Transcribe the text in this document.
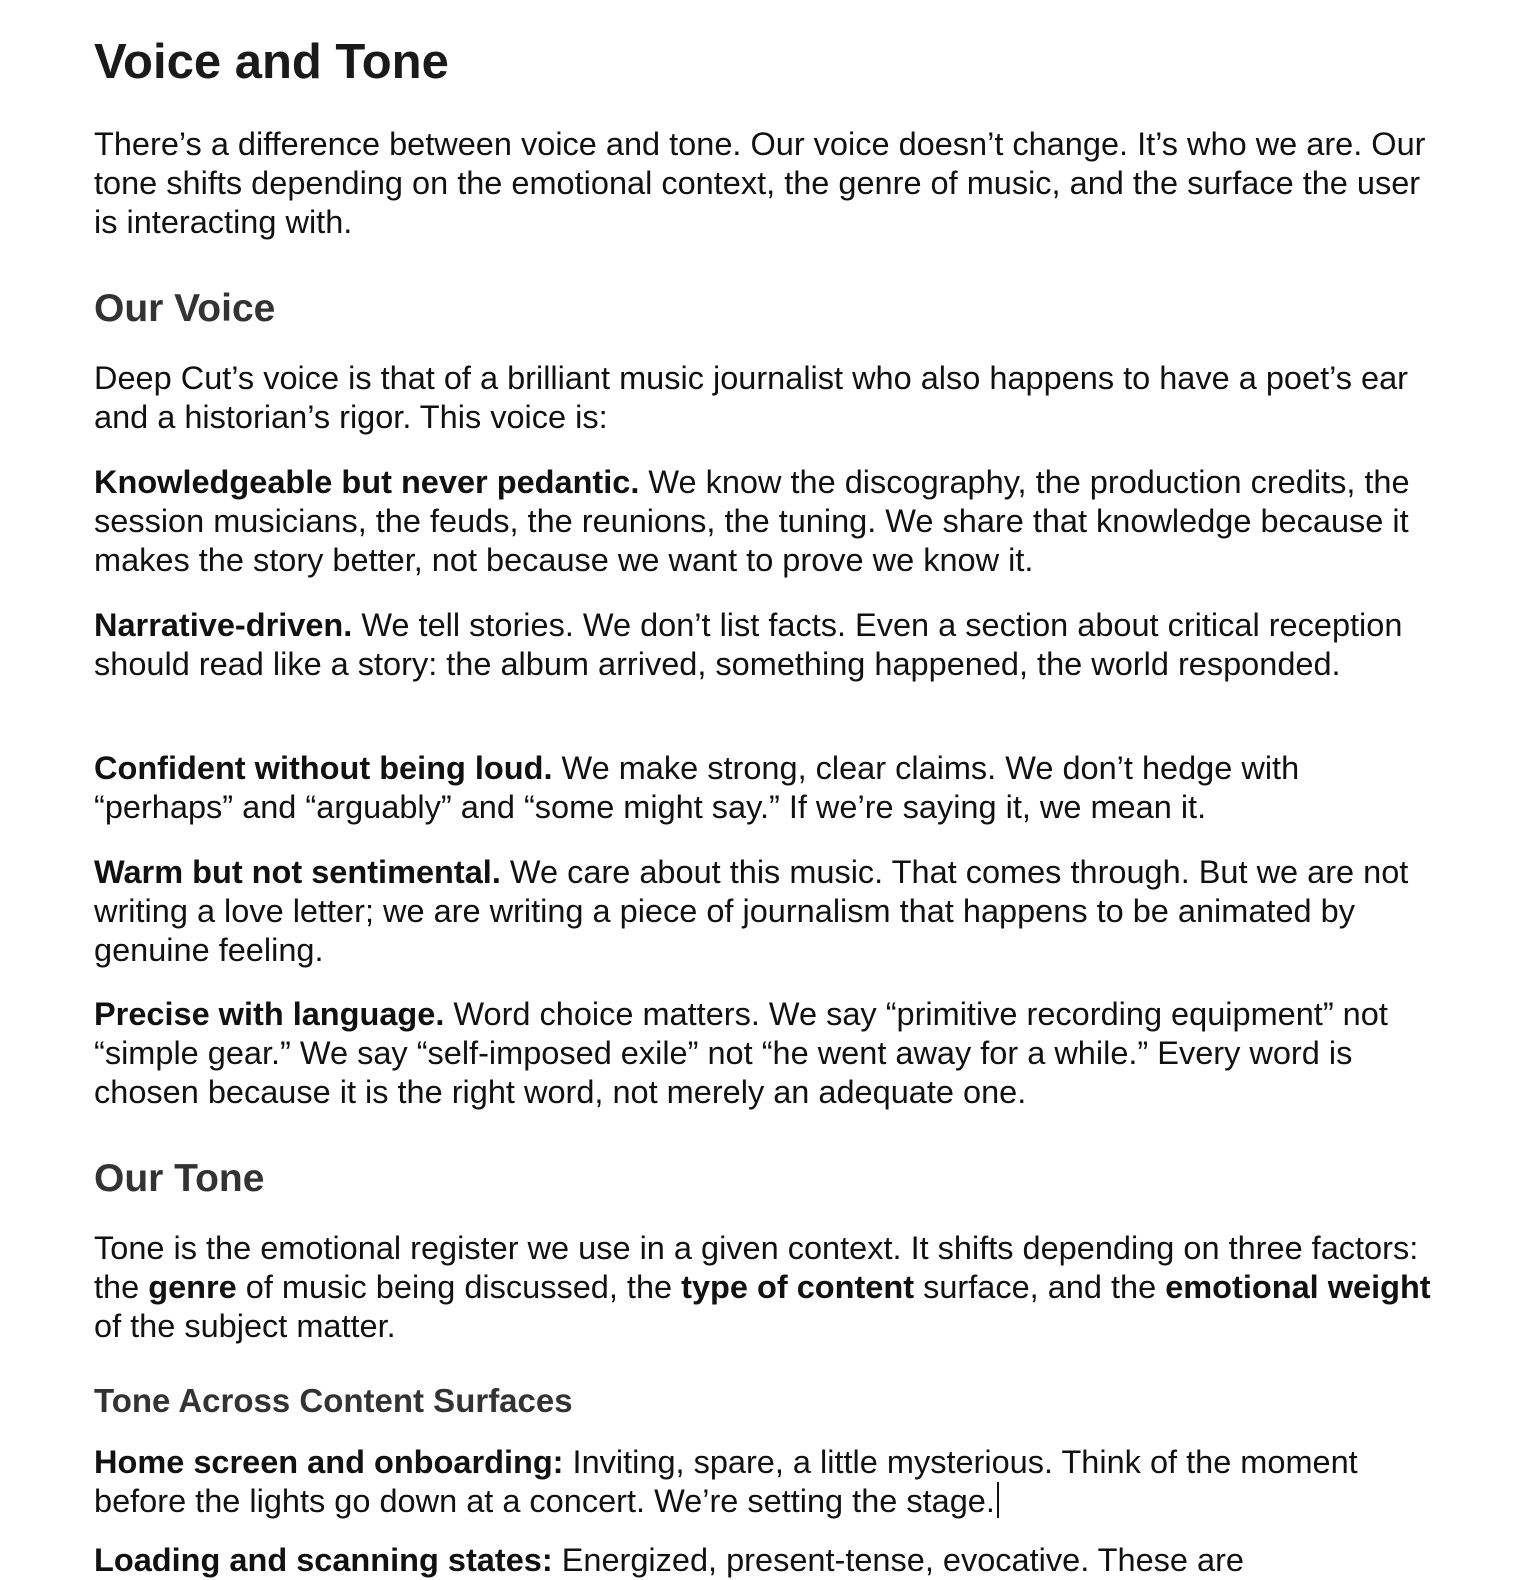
Voice and Tone

There’s a difference between voice and tone. Our voice doesn’t change. It’s who we are. Our tone shifts depending on the emotional context, the genre of music, and the surface the user is interacting with.

Our Voice

Deep Cut’s voice is that of a brilliant music journalist who also happens to have a poet’s ear and a historian’s rigor. This voice is:

Knowledgeable but never pedantic. We know the discography, the production credits, the session musicians, the feuds, the reunions, the tuning. We share that knowledge because it makes the story better, not because we want to prove we know it.

Narrative-driven. We tell stories. We don’t list facts. Even a section about critical reception should read like a story: the album arrived, something happened, the world responded.

Confident without being loud. We make strong, clear claims. We don’t hedge with “perhaps” and “arguably” and “some might say.” If we’re saying it, we mean it.

Warm but not sentimental. We care about this music. That comes through. But we are not writing a love letter; we are writing a piece of journalism that happens to be animated by genuine feeling.

Precise with language. Word choice matters. We say “primitive recording equipment” not “simple gear.” We say “self-imposed exile” not “he went away for a while.” Every word is chosen because it is the right word, not merely an adequate one.

Our Tone

Tone is the emotional register we use in a given context. It shifts depending on three factors: the genre of music being discussed, the type of content surface, and the emotional weight of the subject matter.

Tone Across Content Surfaces

Home screen and onboarding: Inviting, spare, a little mysterious. Think of the moment before the lights go down at a concert. We’re setting the stage.

Loading and scanning states: Energized, present-tense, evocative. These are
